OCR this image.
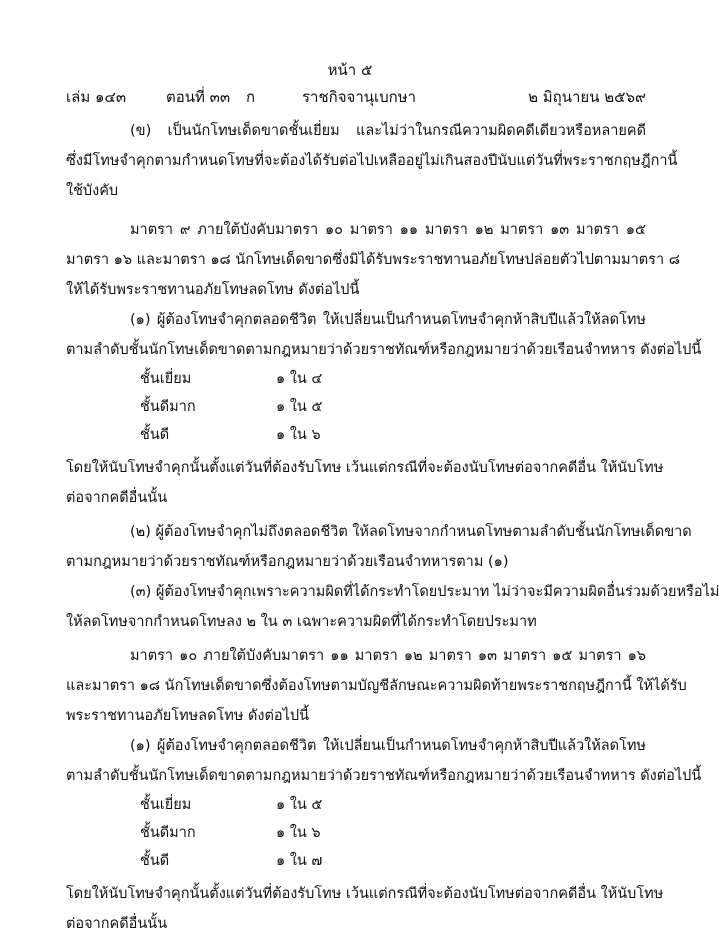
หน้า ๕
เล่ม ๑๔๓	ตอนที่ ๓๓ ก	ราชกิจจานุเบกษา	๒ มิถุนายน ๒๕๖๙

(ข) เป็นนักโทษเด็ดขาดชั้นเยี่ยม และไม่ว่าในกรณีความผิดคดีเดียวหรือหลายคดี

ซึ่งมีโทษจำคุกตามกำหนดโทษที่จะต้องได้รับต่อไปเหลืออยู่ไม่เกินสองปีนับแต่วันที่พระราชกฤษฎีกานี้

ใช้บังคับ

มาตรา ๙ ภายใต้บังคับมาตรา ๑๐ มาตรา ๑๑ มาตรา ๑๒ มาตรา ๑๓ มาตรา ๑๕

มาตรา ๑๖ และมาตรา ๑๘ นักโทษเด็ดขาดซึ่งมิได้รับพระราชทานอภัยโทษปล่อยตัวไปตามมาตรา ๘

ให้ได้รับพระราชทานอภัยโทษลดโทษ ดังต่อไปนี้

(๑) ผู้ต้องโทษจำคุกตลอดชีวิต ให้เปลี่ยนเป็นกำหนดโทษจำคุกห้าสิบปีแล้วให้ลดโทษ

ตามลำดับชั้นนักโทษเด็ดขาดตามกฎหมายว่าด้วยราชทัณฑ์หรือกฎหมายว่าด้วยเรือนจำทหาร ดังต่อไปนี้

ชั้นเยี่ยม	๑ ใน ๔
ชั้นดีมาก	๑ ใน ๕
ชั้นดี	๑ ใน ๖

โดยให้นับโทษจำคุกนั้นตั้งแต่วันที่ต้องรับโทษ เว้นแต่กรณีที่จะต้องนับโทษต่อจากคดีอื่น ให้นับโทษ

ต่อจากคดีอื่นนั้น

(๒) ผู้ต้องโทษจำคุกไม่ถึงตลอดชีวิต ให้ลดโทษจากกำหนดโทษตามลำดับชั้นนักโทษเด็ดขาด

ตามกฎหมายว่าด้วยราชทัณฑ์หรือกฎหมายว่าด้วยเรือนจำทหารตาม (๑)

(๓) ผู้ต้องโทษจำคุกเพราะความผิดที่ได้กระทำโดยประมาท ไม่ว่าจะมีความผิดอื่นร่วมด้วยหรือไม่

ให้ลดโทษจากกำหนดโทษลง ๒ ใน ๓ เฉพาะความผิดที่ได้กระทำโดยประมาท

มาตรา ๑๐ ภายใต้บังคับมาตรา ๑๑ มาตรา ๑๒ มาตรา ๑๓ มาตรา ๑๕ มาตรา ๑๖

และมาตรา ๑๘ นักโทษเด็ดขาดซึ่งต้องโทษตามบัญชีลักษณะความผิดท้ายพระราชกฤษฎีกานี้ ให้ได้รับ

พระราชทานอภัยโทษลดโทษ ดังต่อไปนี้

(๑) ผู้ต้องโทษจำคุกตลอดชีวิต ให้เปลี่ยนเป็นกำหนดโทษจำคุกห้าสิบปีแล้วให้ลดโทษ

ตามลำดับชั้นนักโทษเด็ดขาดตามกฎหมายว่าด้วยราชทัณฑ์หรือกฎหมายว่าด้วยเรือนจำทหาร ดังต่อไปนี้

ชั้นเยี่ยม	๑ ใน ๕
ชั้นดีมาก	๑ ใน ๖
ชั้นดี	๑ ใน ๗

โดยให้นับโทษจำคุกนั้นตั้งแต่วันที่ต้องรับโทษ เว้นแต่กรณีที่จะต้องนับโทษต่อจากคดีอื่น ให้นับโทษ

ต่อจากคดีอื่นนั้น
